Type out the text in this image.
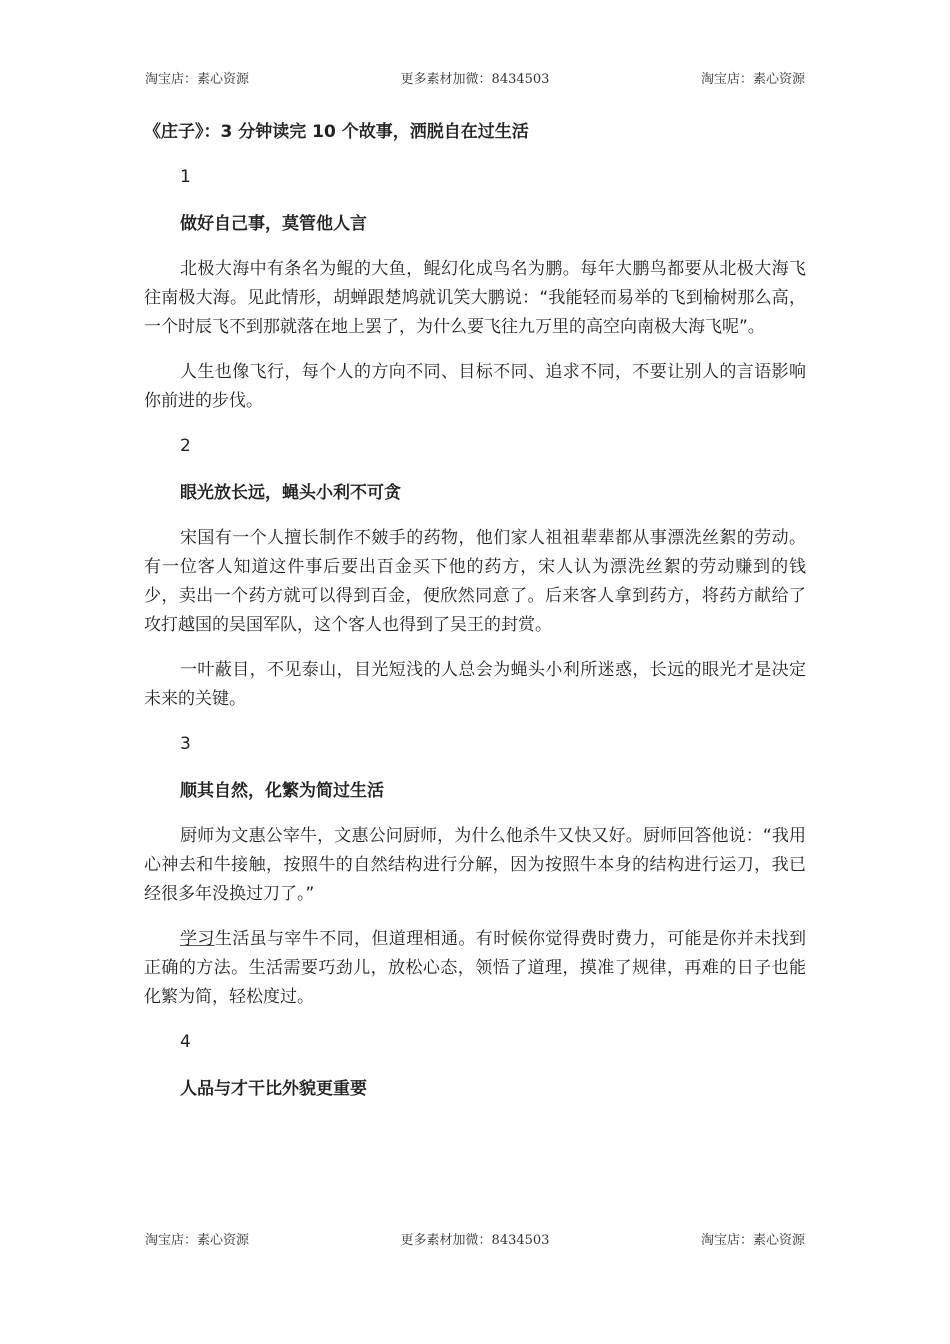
淘宝店：素心资源	更多素材加微：8434503	淘宝店：素心资源
《庄子》：3 分钟读完 10 个故事，洒脱自在过生活
1
做好自己事，莫管他人言

北极大海中有条名为鲲的大鱼，鲲幻化成鸟名为鹏。每年大鹏鸟都要从北极大海飞往南极大海。见此情形，胡蝉跟楚鸠就讥笑大鹏说：“我能轻而易举的飞到榆树那么高，一个时辰飞不到那就落在地上罢了，为什么要飞往九万里的高空向南极大海飞呢”。

人生也像飞行，每个人的方向不同、目标不同、追求不同，不要让别人的言语影响你前进的步伐。

2
眼光放长远，蝇头小利不可贪

宋国有一个人擅长制作不皴手的药物，他们家人祖祖辈辈都从事漂洗丝絮的劳动。有一位客人知道这件事后要出百金买下他的药方，宋人认为漂洗丝絮的劳动赚到的钱少，卖出一个药方就可以得到百金，便欣然同意了。后来客人拿到药方，将药方献给了攻打越国的吴国军队，这个客人也得到了吴王的封赏。

一叶蔽目，不见泰山，目光短浅的人总会为蝇头小利所迷惑，长远的眼光才是决定未来的关键。

3
顺其自然，化繁为简过生活

厨师为文惠公宰牛，文惠公问厨师，为什么他杀牛又快又好。厨师回答他说：“我用心神去和牛接触，按照牛的自然结构进行分解，因为按照牛本身的结构进行运刀，我已经很多年没换过刀了。”

学习生活虽与宰牛不同，但道理相通。有时候你觉得费时费力，可能是你并未找到正确的方法。生活需要巧劲儿，放松心态，领悟了道理，摸准了规律，再难的日子也能化繁为简，轻松度过。

4
人品与才干比外貌更重要
淘宝店：素心资源	更多素材加微：8434503	淘宝店：素心资源
